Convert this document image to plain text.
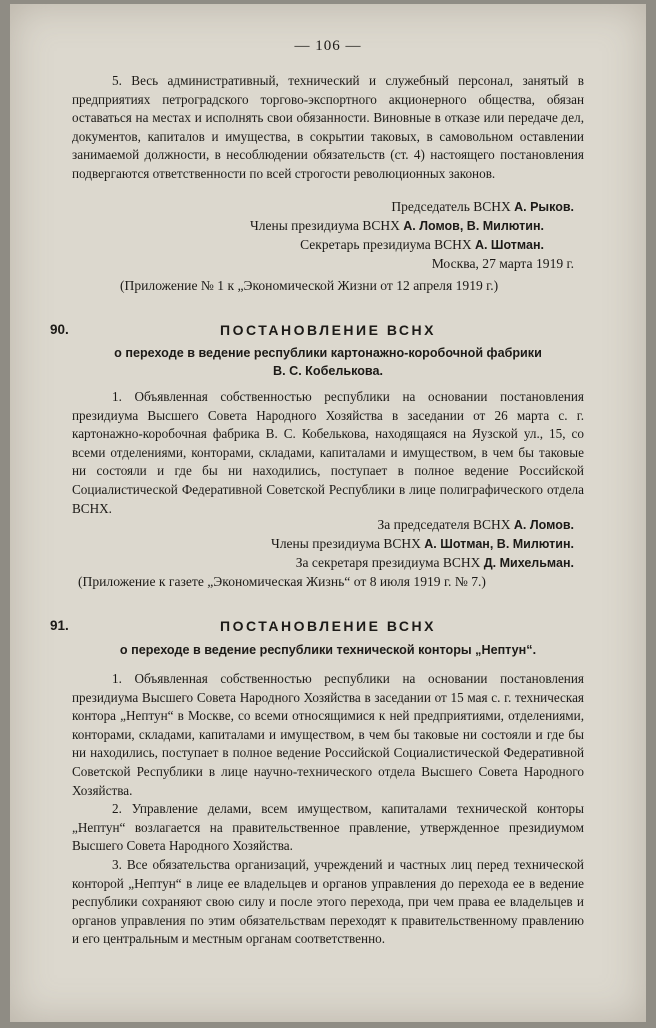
— 106 —
5. Весь административный, технический и служебный персонал, занятый в предприятиях петроградского торгово-экспортного акционерного общества, обязан оставаться на местах и исполнять свои обязанности. Виновные в отказе или передаче дел, документов, капиталов и имущества, в сокрытии таковых, в самовольном оставлении занимаемой должности, в несоблюдении обязательств (ст. 4) настоящего постановления подвергаются ответственности по всей строгости революционных законов.
Председатель ВСНХ А. Рыков.
Члены президиума ВСНХ А. Ломов, В. Милютин.
Секретарь президиума ВСНХ А. Шотман.
Москва, 27 марта 1919 г.
(Приложение № 1 к „Экономической Жизни от 12 апреля 1919 г.)
90.	ПОСТАНОВЛЕНИЕ ВСНХ
о переходе в ведение республики картонажно-коробочной фабрики
В. С. Кобелькова.
1. Объявленная собственностью республики на основании постановления президиума Высшего Совета Народного Хозяйства в заседании от 26 марта с. г. картонажно-коробочная фабрика В. С. Кобелькова, находящаяся на Яузской ул., 15, со всеми отделениями, конторами, складами, капиталами и имуществом, в чем бы таковые ни состояли и где бы ни находились, поступает в полное ведение Российской Социалистической Федеративной Советской Республики в лице полиграфического отдела ВСНХ.
За председателя ВСНХ А. Ломов.
Члены президиума ВСНХ А. Шотман, В. Милютин.
За секретаря президиума ВСНХ Д. Михельман.
(Приложение к газете „Экономическая Жизнь“ от 8 июля 1919 г. № 7.)
91.	ПОСТАНОВЛЕНИЕ ВСНХ
о переходе в ведение республики технической конторы „Нептун“.
1. Объявленная собственностью республики на основании постановления президиума Высшего Совета Народного Хозяйства в заседании от 15 мая с. г. техническая контора „Нептун“ в Москве, со всеми относящимися к ней предприятиями, отделениями, конторами, складами, капиталами и имуществом, в чем бы таковые ни состояли и где бы ни находились, поступает в полное ведение Российской Социалистической Федеративной Советской Республики в лице научно-технического отдела Высшего Совета Народного Хозяйства.
2. Управление делами, всем имуществом, капиталами технической конторы „Нептун“ возлагается на правительственное правление, утвержденное президиумом Высшего Совета Народного Хозяйства.
3. Все обязательства организаций, учреждений и частных лиц перед технической конторой „Нептун“ в лице ее владельцев и органов управления до перехода ее в ведение республики сохраняют свою силу и после этого перехода, при чем права ее владельцев и органов управления по этим обязательствам переходят к правительственному правлению и его центральным и местным органам соответственно.
